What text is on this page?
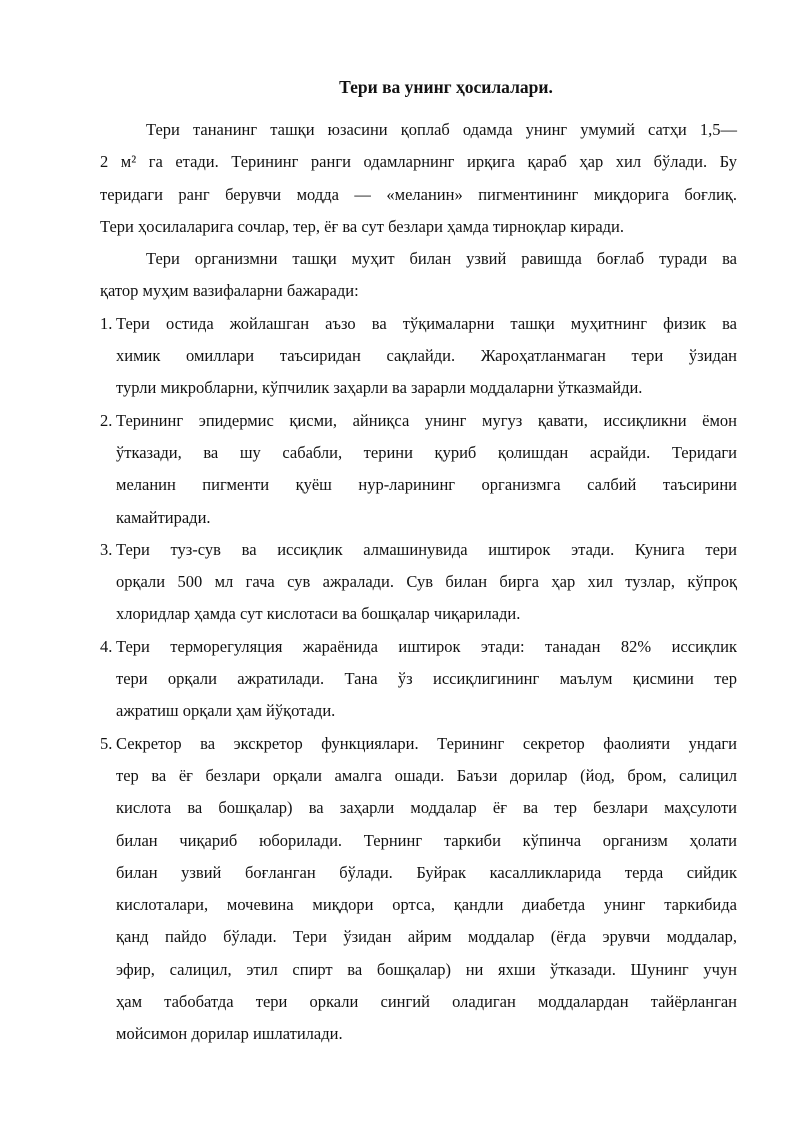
Тери ва унинг ҳосилалари.
Тери тананинг ташқи юзасини қоплаб одамда унинг умумий сатҳи 1,5—
2 м² га етади. Терининг ранги одамларнинг ирқига қараб ҳар хил бўлади. Бу
теридаги ранг берувчи модда — «меланин» пигментининг миқдорига боғлиқ.
Тери ҳосилаларига сочлар, тер, ёғ ва сут безлари ҳамда тирноқлар киради.
Тери организмни ташқи муҳит билан узвий равишда боғлаб туради ва
қатор муҳим вазифаларни бажаради:
1. Тери остида жойлашган аъзо ва тўқималарни ташқи муҳитнинг физик ва
химик омиллари таъсиридан сақлайди. Жароҳатланмаган тери ўзидан
турли микробларни, кўпчилик заҳарли ва зарарли моддаларни ўтказмайди.
2. Терининг эпидермис қисми, айниқса унинг мугуз қавати, иссиқликни ёмон
ўтказади, ва шу сабабли, терини қуриб қолишдан асрайди. Теридаги
меланин пигменти қуёш нур-ларининг организмга салбий таъсирини
камайтиради.
3. Тери туз-сув ва иссиқлик алмашинувида иштирок этади. Кунига тери
орқали 500 мл гача сув ажралади. Сув билан бирга ҳар хил тузлар, кўпроқ
хлоридлар ҳамда сут кислотаси ва бошқалар чиқарилади.
4. Тери терморегуляция жараёнида иштирок этади: танадан 82% иссиқлик
тери орқали ажратилади. Тана ўз иссиқлигининг маълум қисмини тер
ажратиш орқали ҳам йўқотади.
5. Секретор ва экскретор функциялари. Терининг секретор фаолияти ундаги
тер ва ёғ безлари орқали амалга ошади. Баъзи дорилар (йод, бром, салицил
кислота ва бошқалар) ва заҳарли моддалар ёғ ва тер безлари маҳсулоти
билан чиқариб юборилади. Тернинг таркиби кўпинча организм ҳолати
билан узвий боғланган бўлади. Буйрак касалликларида терда сийдик
кислоталари, мочевина миқдори ортса, қандли диабетда унинг таркибида
қанд пайдо бўлади. Тери ўзидан айрим моддалар (ёғда эрувчи моддалар,
эфир, салицил, этил спирт ва бошқалар) ни яхши ўтказади. Шунинг учун
ҳам табобатда тери оркали сингий оладиган моддалардан тайёрланган
мойсимон дорилар ишлатилади.
